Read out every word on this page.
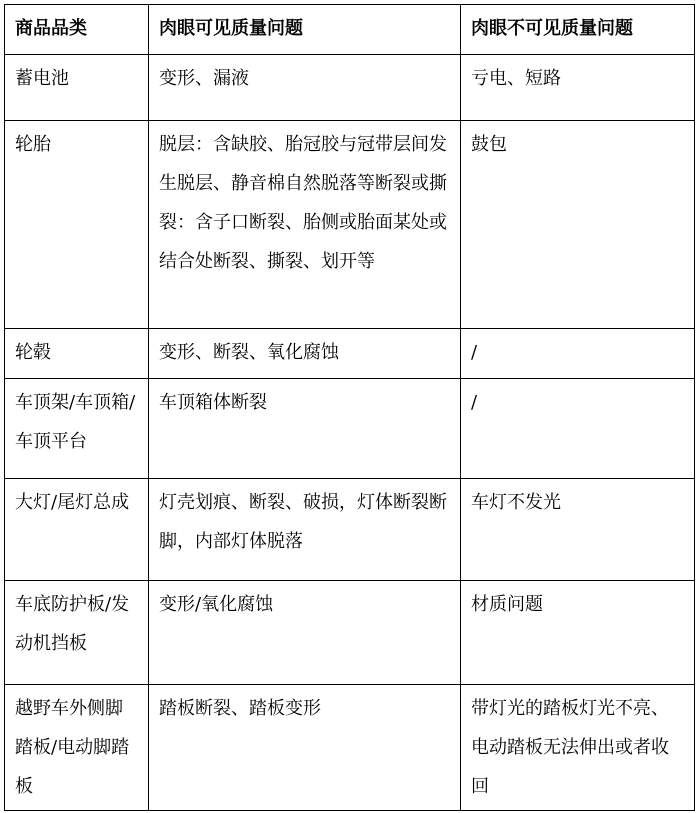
商品品类	肉眼可见质量问题	肉眼不可见质量问题

蓄电池	变形、漏液	亏电、短路

轮胎	脱层：含缺胶、胎冠胶与冠带层间发生脱层、静音棉自然脱落等断裂或撕裂：含子口断裂、胎侧或胎面某处或结合处断裂、撕裂、划开等	鼓包

轮毂	变形、断裂、氧化腐蚀	/

车顶架/车顶箱/车顶平台	车顶箱体断裂	/

大灯/尾灯总成	灯壳划痕、断裂、破损，灯体断裂断脚，内部灯体脱落	车灯不发光

车底防护板/发动机挡板	变形/氧化腐蚀	材质问题

越野车外侧脚踏板/电动脚踏板	踏板断裂、踏板变形	带灯光的踏板灯光不亮、电动踏板无法伸出或者收回
